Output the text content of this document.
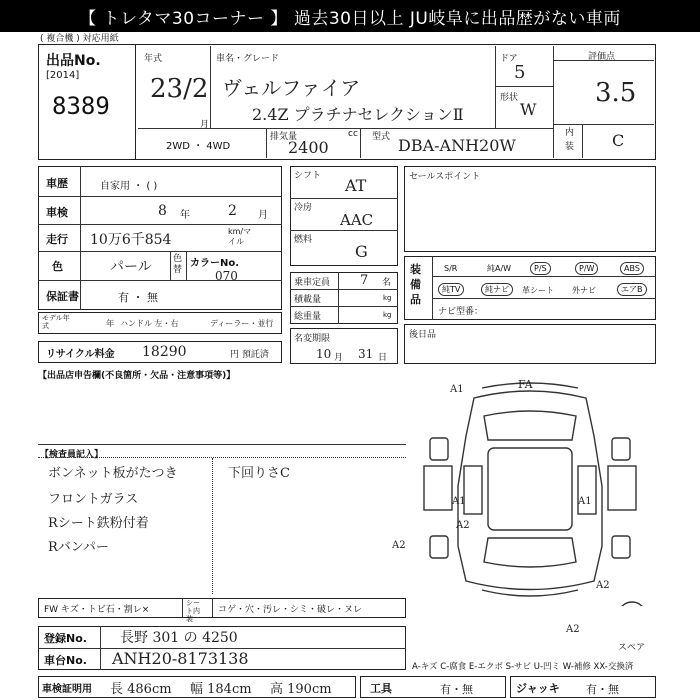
【 トレタマ30コーナー 】 過去30日以上 JU岐阜に出品歴がない車両
( 複合機 ) 対応用紙
出品No.
[2014]
8389
年式
23/2
月
車名・グレード
ヴェルファイア
2.4Z プラチナセレクションⅡ
ドア
5
形状
W
評価点
3.5
内装 C
2WD ・ 4WD
排気量	cc
2400
型式 DBA-ANH20W
車歴	自家用 ・ ( )
車検	8 年	2 月
走行 10万6千854
km/マイル
色	パール 色替
カラーNo.
070
保証書	有 ・ 無
モデル年式	年 ハンドル 左・右	ディーラー・並行
リサイクル料金 18290	円 預託済
シフト AT
冷房
AAC
燃料
G
乗車定員 7 名
積載量	kg
総重量	kg
名変期限
10 月 31 日
セールスポイント
装備品
S/R	純A/W	P/S	P/W	ABS
純TV	純ナビ	革シート 外ナビ	エアB
ナビ型番：
後日品
【出品店申告欄(不良箇所・欠品・注意事項等)】
【検査員記入】
ボンネット板がたつき
フロントガラス
Rシート鉄粉付着
Rバンパー
下回りさC
A1	FA
A1	A1
A2
A2
A2
A2
スペア
FW キズ・トビ石・割レ×
シート内装
コゲ・穴・汚レ・シミ・破レ・ヌレ
登録No. 長野 301 の 4250
車台No. ANH20-8173138	A-キズ C-腐食 E-エクボ S-サビ U-凹ミ W-補修 XX-交換済
車検証明用 長 486cm 幅 184cm 高 190cm	工具	有・無	ジャッキ 有・無
